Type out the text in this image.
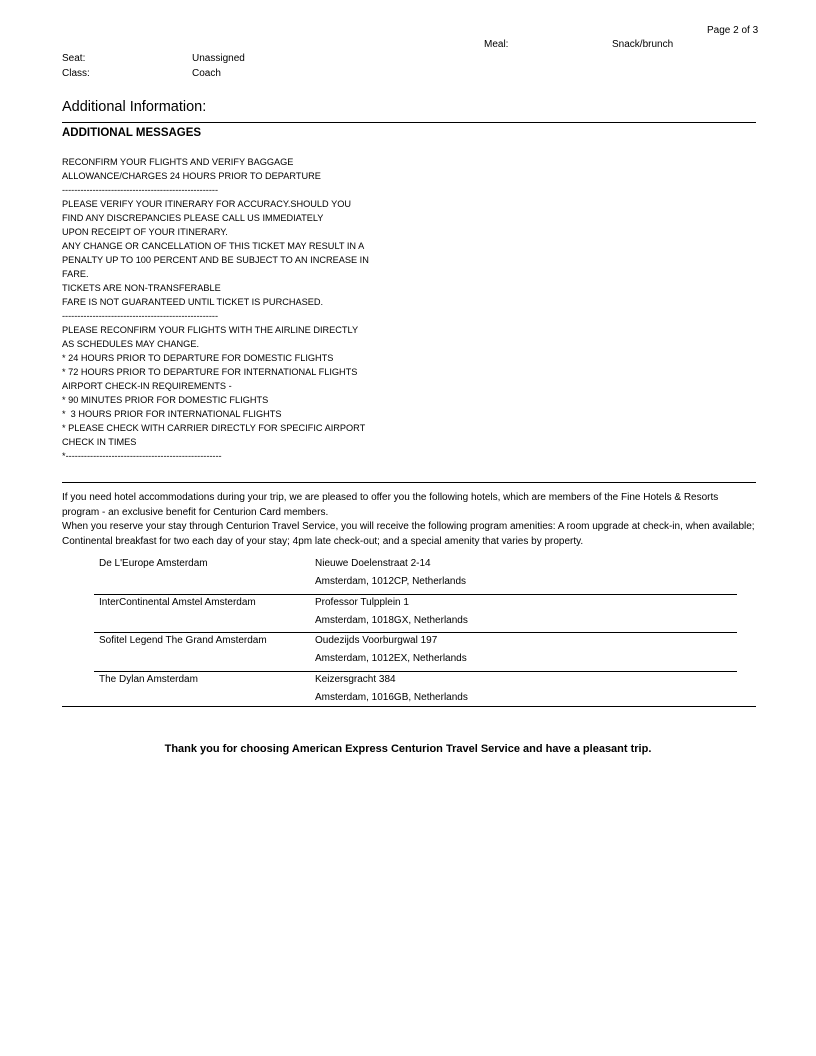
Page 2 of 3
Meal:	Snack/brunch
Seat:	Unassigned
Class:	Coach
Additional Information:
ADDITIONAL MESSAGES
RECONFIRM YOUR FLIGHTS AND VERIFY BAGGAGE
ALLOWANCE/CHARGES 24 HOURS PRIOR TO DEPARTURE
---------------------------------------------------
PLEASE VERIFY YOUR ITINERARY FOR ACCURACY.SHOULD YOU
FIND ANY DISCREPANCIES PLEASE CALL US IMMEDIATELY
UPON RECEIPT OF YOUR ITINERARY.
ANY CHANGE OR CANCELLATION OF THIS TICKET MAY RESULT IN A
PENALTY UP TO 100 PERCENT AND BE SUBJECT TO AN INCREASE IN
FARE.
TICKETS ARE NON-TRANSFERABLE
FARE IS NOT GUARANTEED UNTIL TICKET IS PURCHASED.
---------------------------------------------------
PLEASE RECONFIRM YOUR FLIGHTS WITH THE AIRLINE DIRECTLY
AS SCHEDULES MAY CHANGE.
* 24 HOURS PRIOR TO DEPARTURE FOR DOMESTIC FLIGHTS
* 72 HOURS PRIOR TO DEPARTURE FOR INTERNATIONAL FLIGHTS
AIRPORT CHECK-IN REQUIREMENTS -
* 90 MINUTES PRIOR FOR DOMESTIC FLIGHTS
*  3 HOURS PRIOR FOR INTERNATIONAL FLIGHTS
* PLEASE CHECK WITH CARRIER DIRECTLY FOR SPECIFIC AIRPORT
CHECK IN TIMES
*---------------------------------------------------

If you need hotel accommodations during your trip, we are pleased to offer you the following hotels, which are members of the Fine Hotels & Resorts program - an exclusive benefit for Centurion Card members.

When you reserve your stay through Centurion Travel Service, you will receive the following program amenities: A room upgrade at check-in, when available; Continental breakfast for two each day of your stay; 4pm late check-out; and a special amenity that varies by property.

De L'Europe Amsterdam	Nieuwe Doelenstraat 2-14
Amsterdam, 1012CP, Netherlands
InterContinental Amstel Amsterdam	Professor Tulpplein 1
Amsterdam, 1018GX, Netherlands
Sofitel Legend The Grand Amsterdam	Oudezijds Voorburgwal 197
Amsterdam, 1012EX, Netherlands
The Dylan Amsterdam	Keizersgracht 384
Amsterdam, 1016GB, Netherlands
Thank you for choosing American Express Centurion Travel Service and have a pleasant trip.
